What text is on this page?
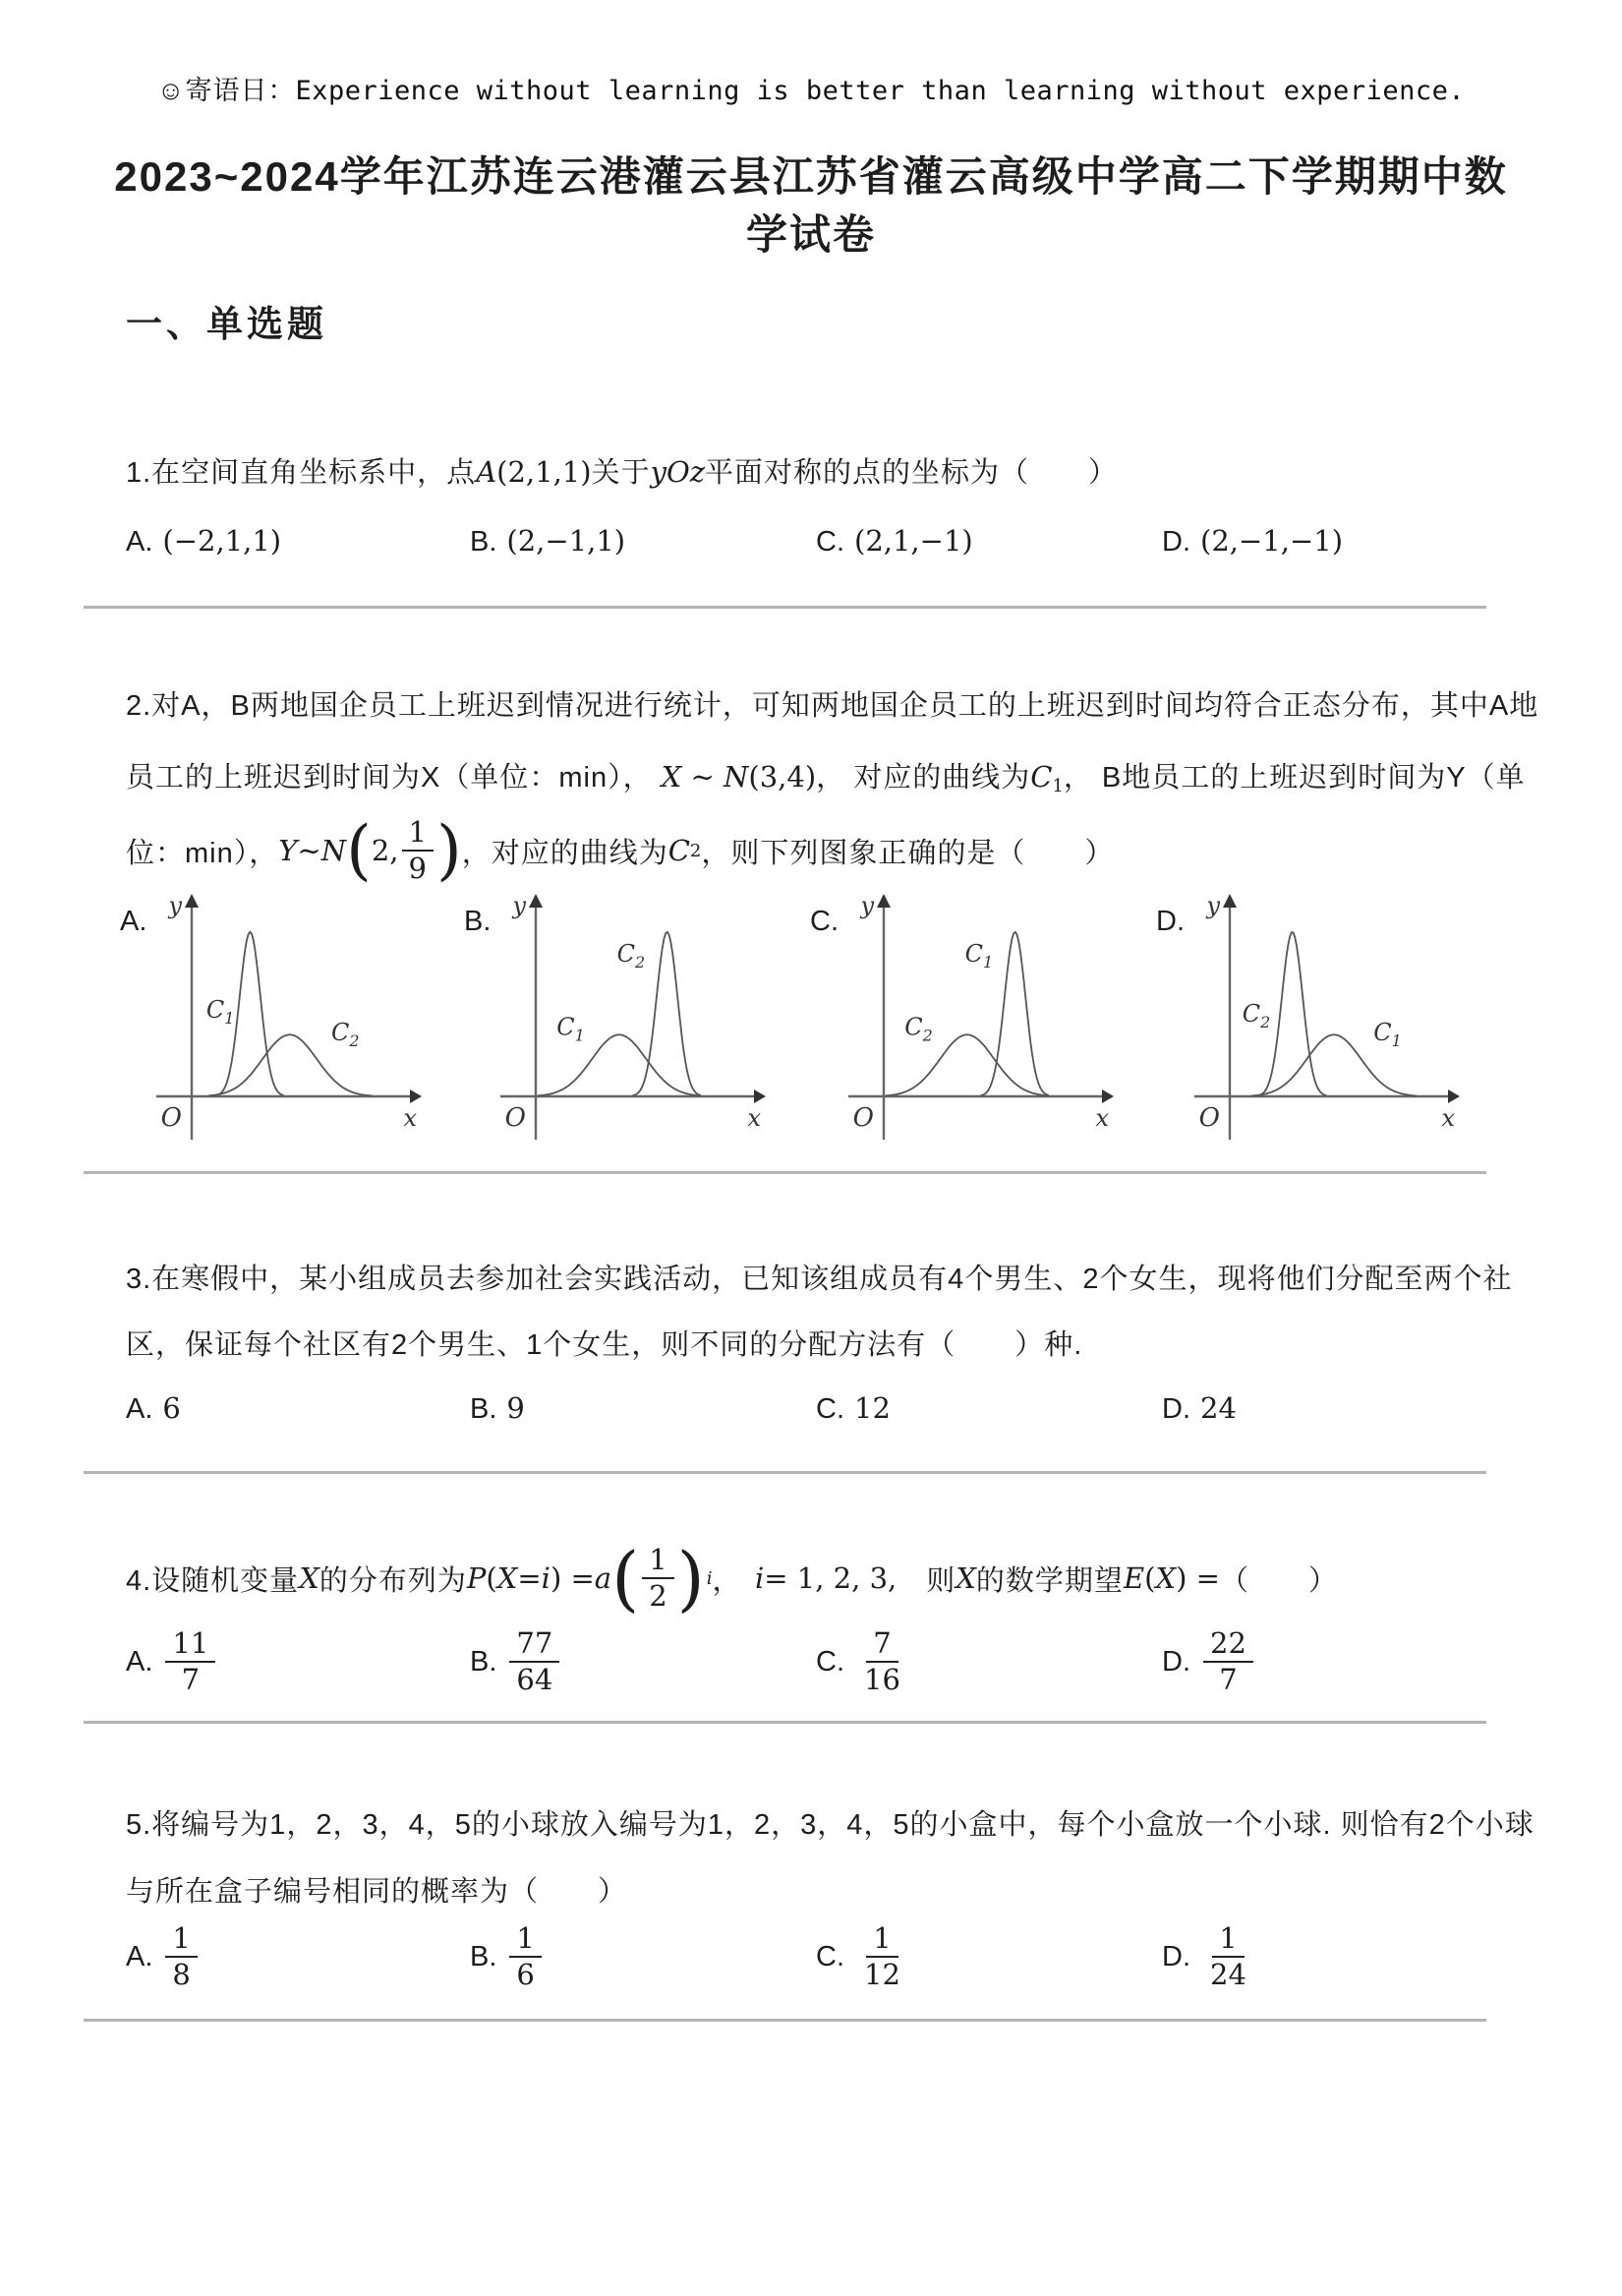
☺寄语日：Experience without learning is better than learning without experience.
2023~2024学年江苏连云港灌云县江苏省灌云高级中学高二下学期期中数学试卷
一、单选题
1.在空间直角坐标系中，点A(2,1,1)关于yOz平面对称的点的坐标为（　　）
A. (−2,1,1)	B. (2,−1,1)	C. (2,1,−1)	D. (2,−1,−1)
2.对A，B两地国企员工上班迟到情况进行统计，可知两地国企员工的上班迟到时间均符合正态分布，其中A地
员工的上班迟到时间为X（单位：min）， X ∼ N(3,4)， 对应的曲线为C1， B地员工的上班迟到时间为Y（单
位：min）， Y ∼ N ( 2, $\frac{1}{9}$ ) ，对应的曲线为 C 2 ，则下列图象正确的是（　　）
A. y
x
O
$C_1$
$C_2$
B. y
x
O
$C_1$
$C_2$
C. y
x
O
$C_2$
$C_1$
D. y
x
O
$C_2$	$C_1$
3.在寒假中，某小组成员去参加社会实践活动，已知该组成员有4个男生、2个女生，现将他们分配至两个社
区，保证每个社区有2个男生、1个女生，则不同的分配方法有（　　）种.
A. 6	B. 9	C. 12	D. 24
4.设随机变量 X 的分布列为 P ( X = i ) = a ( $\frac{1}{2}$ ) i ，　 i = 1, 2, 3, 　则 X 的数学期望 E ( X ) = （　　）
A. $\frac{11}{7}$	B. $\frac{77}{64}$	C. $\frac{7}{16}$	D. $\frac{22}{7}$
5.将编号为1，2，3，4，5的小球放入编号为1，2，3，4，5的小盒中，每个小盒放一个小球. 则恰有2个小球
与所在盒子编号相同的概率为（　　）
A. $\frac{1}{8}$	B. $\frac{1}{6}$	C. $\frac{1}{12}$	D. $\frac{1}{24}$
